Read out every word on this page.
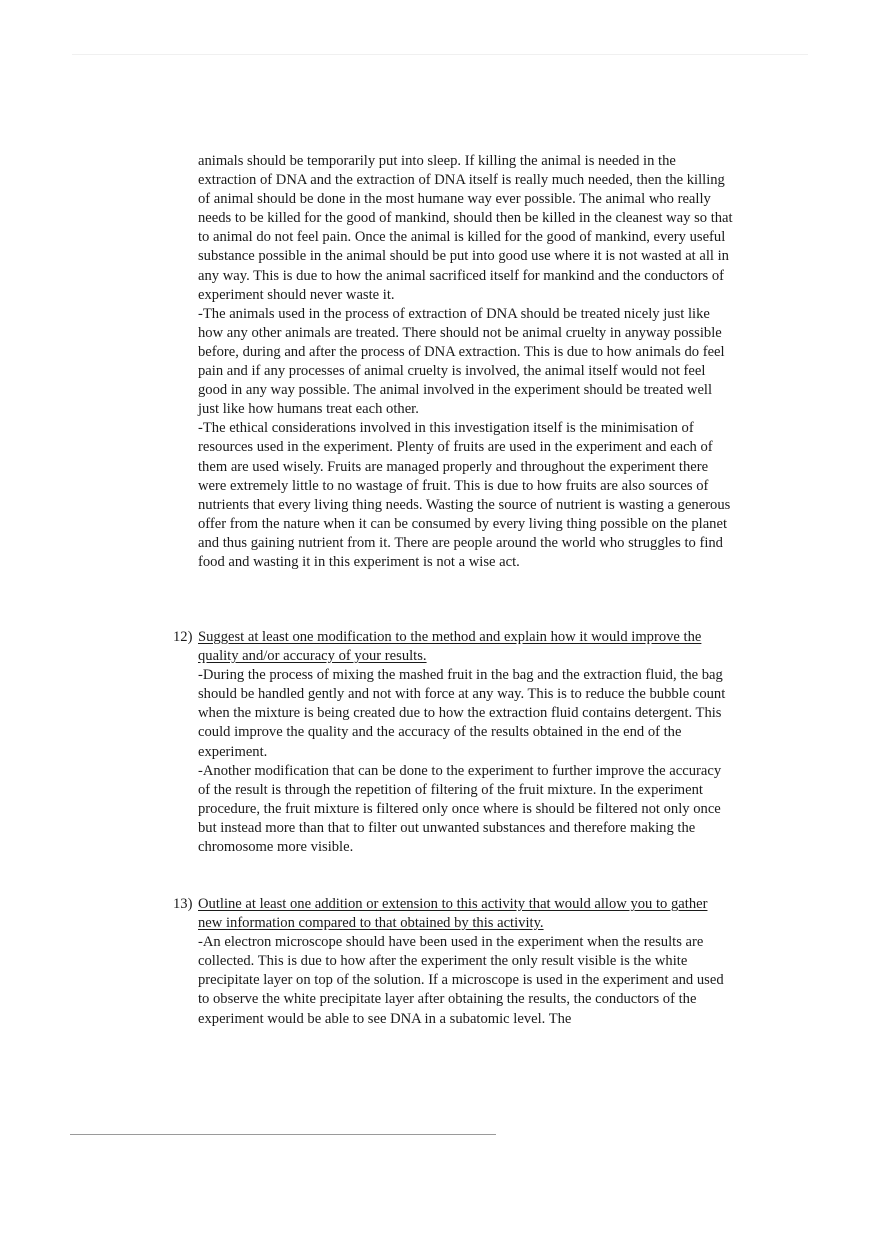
animals should be temporarily put into sleep. If killing the animal is needed in the extraction of DNA and the extraction of DNA itself is really much needed, then the killing of animal should be done in the most humane way ever possible. The animal who really needs to be killed for the good of mankind, should then be killed in the cleanest way so that to animal do not feel pain. Once the animal is killed for the good of mankind, every useful substance possible in the animal should be put into good use where it is not wasted at all in any way. This is due to how the animal sacrificed itself for mankind and the conductors of experiment should never waste it.

-The animals used in the process of extraction of DNA should be treated nicely just like how any other animals are treated. There should not be animal cruelty in anyway possible before, during and after the process of DNA extraction. This is due to how animals do feel pain and if any processes of animal cruelty is involved, the animal itself would not feel good in any way possible. The animal involved in the experiment should be treated well just like how humans treat each other.

-The ethical considerations involved in this investigation itself is the minimisation of resources used in the experiment. Plenty of fruits are used in the experiment and each of them are used wisely. Fruits are managed properly and throughout the experiment there were extremely little to no wastage of fruit. This is due to how fruits are also sources of nutrients that every living thing needs. Wasting the source of nutrient is wasting a generous offer from the nature when it can be consumed by every living thing possible on the planet and thus gaining nutrient from it. There are people around the world who struggles to find food and wasting it in this experiment is not a wise act.

12) Suggest at least one modification to the method and explain how it would improve the quality and/or accuracy of your results.

-During the process of mixing the mashed fruit in the bag and the extraction fluid, the bag should be handled gently and not with force at any way. This is to reduce the bubble count when the mixture is being created due to how the extraction fluid contains detergent. This could improve the quality and the accuracy of the results obtained in the end of the experiment.

-Another modification that can be done to the experiment to further improve the accuracy of the result is through the repetition of filtering of the fruit mixture. In the experiment procedure, the fruit mixture is filtered only once where is should be filtered not only once but instead more than that to filter out unwanted substances and therefore making the chromosome more visible.

13) Outline at least one addition or extension to this activity that would allow you to gather new information compared to that obtained by this activity.

-An electron microscope should have been used in the experiment when the results are collected. This is due to how after the experiment the only result visible is the white precipitate layer on top of the solution. If a microscope is used in the experiment and used to observe the white precipitate layer after obtaining the results, the conductors of the experiment would be able to see DNA in a subatomic level. The
